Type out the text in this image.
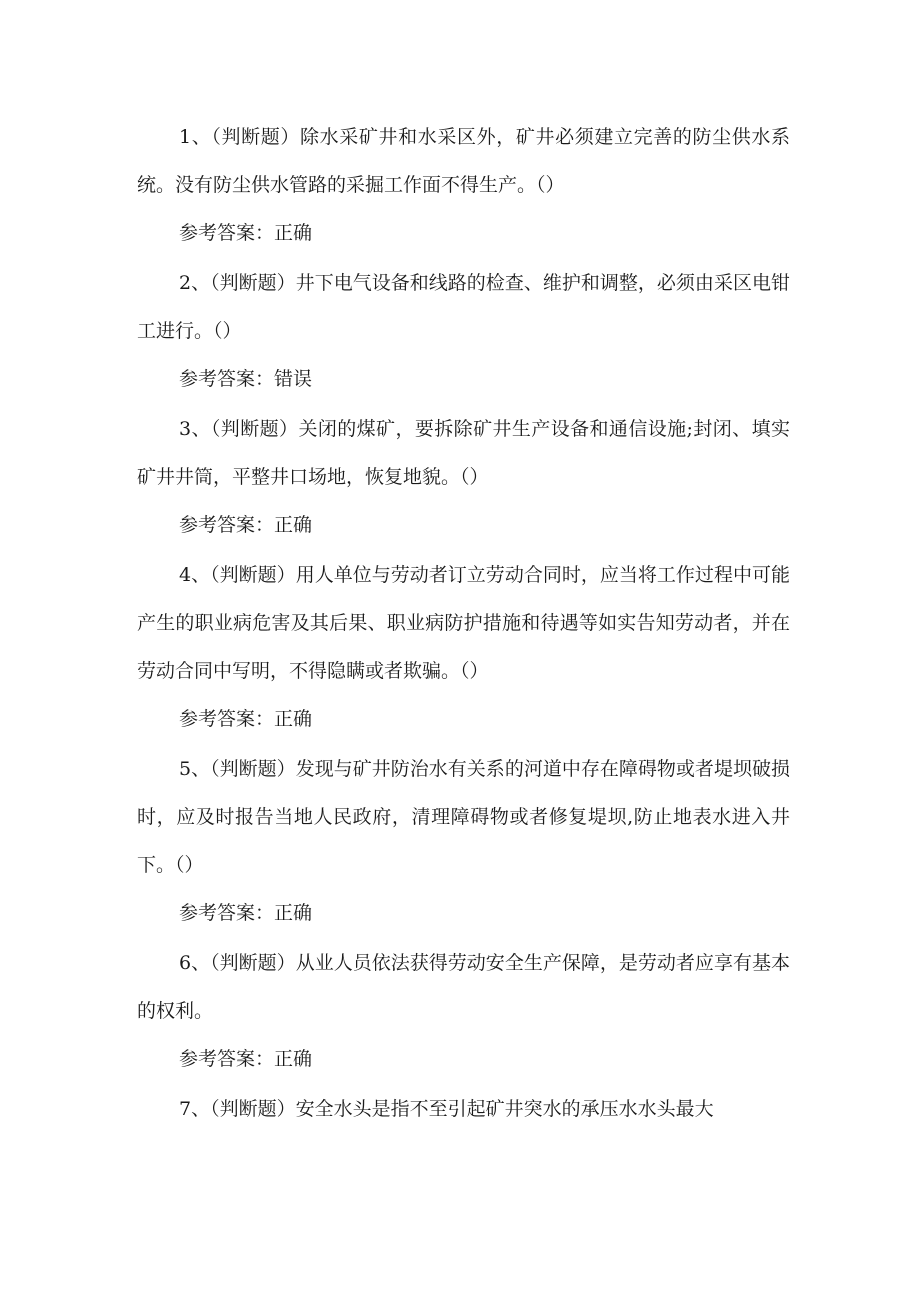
1、（判断题）除水采矿井和水采区外，矿井必须建立完善的防尘供水系统。没有防尘供水管路的采掘工作面不得生产。（）

参考答案：正确

2、（判断题）井下电气设备和线路的检查、维护和调整，必须由采区电钳工进行。（）

参考答案：错误

3、（判断题）关闭的煤矿，要拆除矿井生产设备和通信设施;封闭、填实矿井井筒，平整井口场地，恢复地貌。（）

参考答案：正确

4、（判断题）用人单位与劳动者订立劳动合同时，应当将工作过程中可能产生的职业病危害及其后果、职业病防护措施和待遇等如实告知劳动者，并在劳动合同中写明，不得隐瞒或者欺骗。（）

参考答案：正确

5、（判断题）发现与矿井防治水有关系的河道中存在障碍物或者堤坝破损时，应及时报告当地人民政府，清理障碍物或者修复堤坝,防止地表水进入井下。（）

参考答案：正确

6、（判断题）从业人员依法获得劳动安全生产保障，是劳动者应享有基本的权利。

参考答案：正确

7、（判断题）安全水头是指不至引起矿井突水的承压水水头最大
